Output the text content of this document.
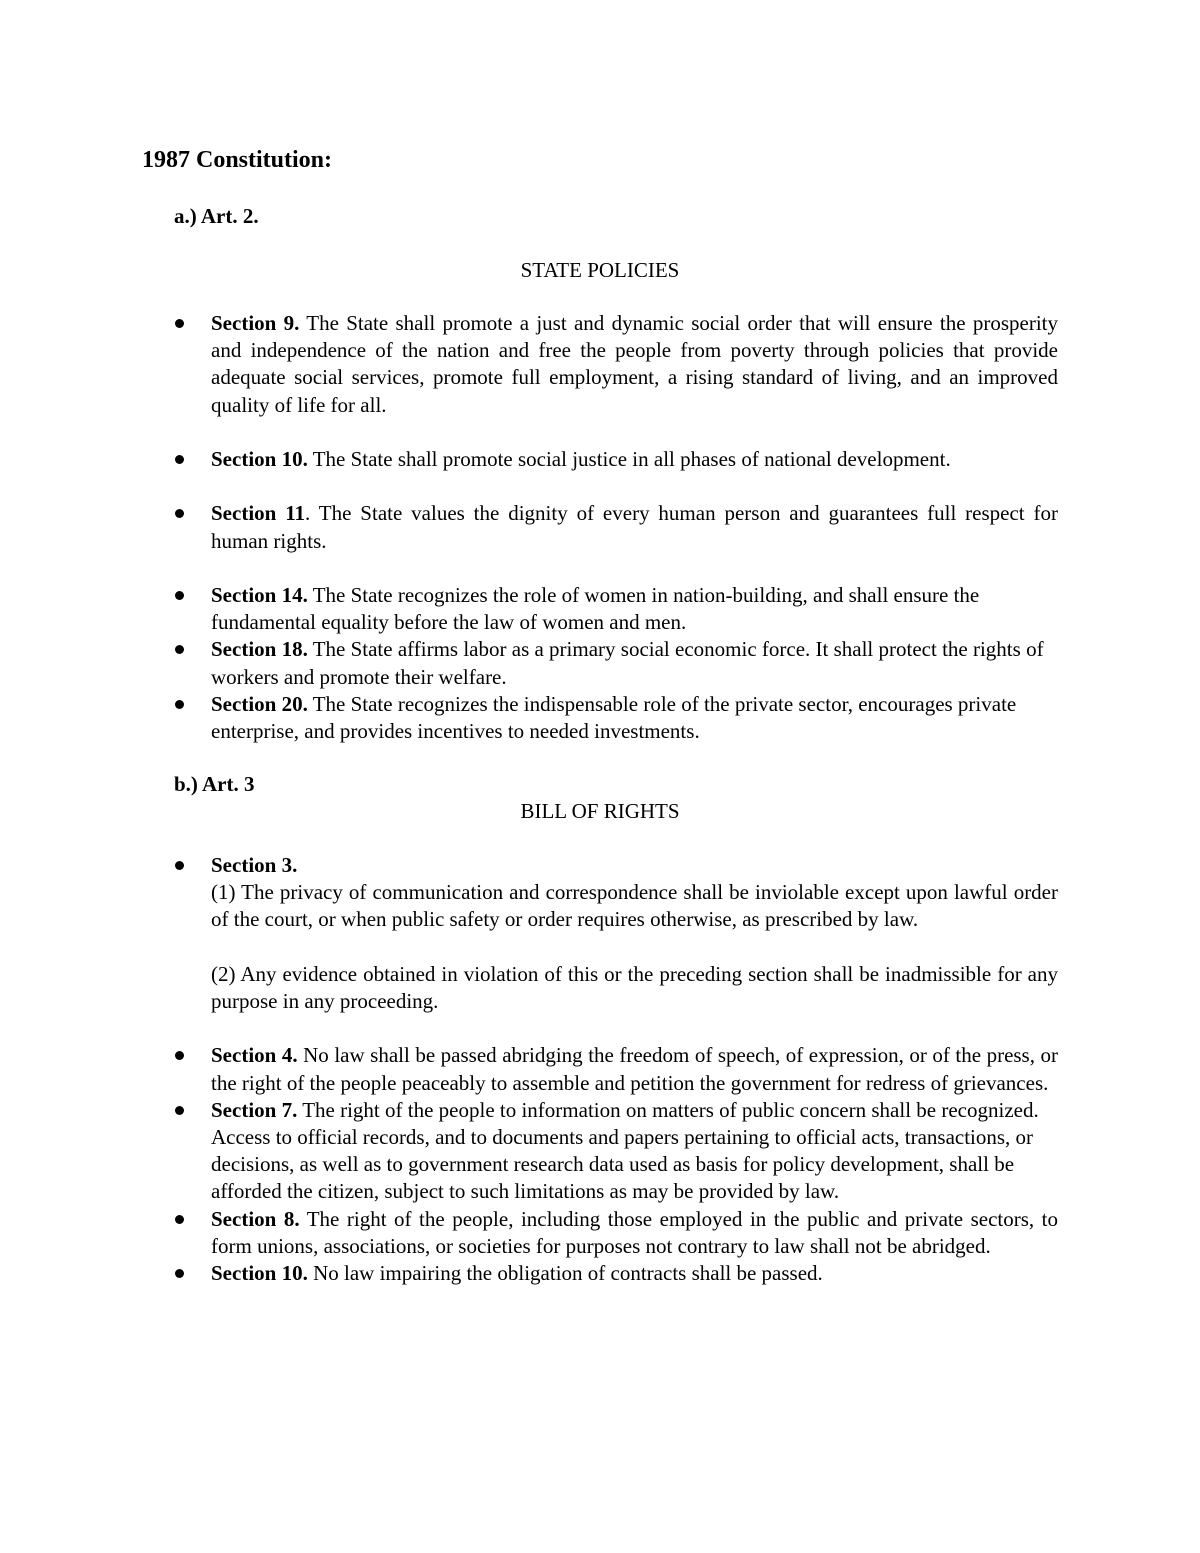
1987 Constitution:

a.) Art. 2.

STATE POLICIES

Section 9. The State shall promote a just and dynamic social order that will ensure the prosperity and independence of the nation and free the people from poverty through policies that provide adequate social services, promote full employment, a rising standard of living, and an improved quality of life for all.
Section 10. The State shall promote social justice in all phases of national development.
Section 11. The State values the dignity of every human person and guarantees full respect for human rights.
Section 14. The State recognizes the role of women in nation-building, and shall ensure the fundamental equality before the law of women and men.
Section 18. The State affirms labor as a primary social economic force. It shall protect the rights of workers and promote their welfare.
Section 20. The State recognizes the indispensable role of the private sector, encourages private enterprise, and provides incentives to needed investments.

b.) Art. 3

BILL OF RIGHTS

Section 3.
(1) The privacy of communication and correspondence shall be inviolable except upon lawful order of the court, or when public safety or order requires otherwise, as prescribed by law.
(2) Any evidence obtained in violation of this or the preceding section shall be inadmissible for any purpose in any proceeding.
Section 4. No law shall be passed abridging the freedom of speech, of expression, or of the press, or the right of the people peaceably to assemble and petition the government for redress of grievances.
Section 7. The right of the people to information on matters of public concern shall be recognized. Access to official records, and to documents and papers pertaining to official acts, transactions, or decisions, as well as to government research data used as basis for policy development, shall be afforded the citizen, subject to such limitations as may be provided by law.
Section 8. The right of the people, including those employed in the public and private sectors, to form unions, associations, or societies for purposes not contrary to law shall not be abridged.
Section 10. No law impairing the obligation of contracts shall be passed.
